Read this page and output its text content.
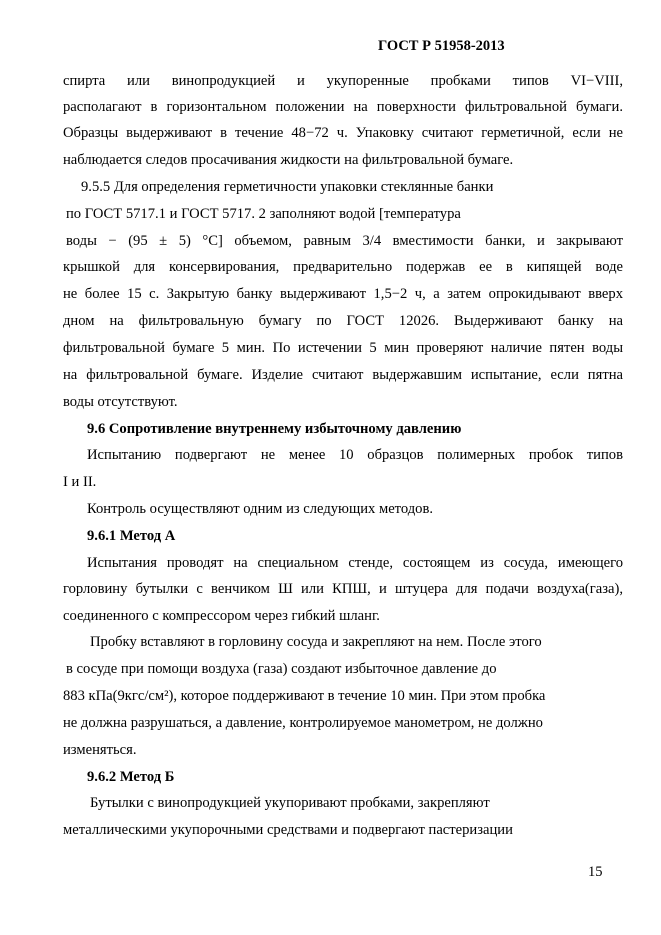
ГОСТ Р 51958-2013
спирта или винопродукцией и укупоренные пробками типов VI−VIII,
располагают в горизонтальном положении на поверхности фильтровальной бумаги.
Образцы выдерживают в течение 48−72 ч. Упаковку считают герметичной, если не
наблюдается следов просачивания жидкости на фильтровальной бумаге.
9.5.5 Для определения герметичности упаковки стеклянные банки
по ГОСТ 5717.1 и ГОСТ 5717. 2 заполняют водой [температура
воды − (95 ± 5) °С] объемом, равным 3/4 вместимости банки, и закрывают
крышкой для консервирования, предварительно подержав ее в кипящей воде
не более 15 с. Закрытую банку выдерживают 1,5−2 ч, а затем опрокидывают вверх
дном на фильтровальную бумагу по ГОСТ 12026. Выдерживают банку на
фильтровальной бумаге 5 мин. По истечении 5 мин проверяют наличие пятен воды
на фильтровальной бумаге. Изделие считают выдержавшим испытание, если пятна
воды отсутствуют.
9.6 Сопротивление внутреннему избыточному давлению
Испытанию подвергают не менее 10 образцов полимерных пробок типов
I и II.
Контроль осуществляют одним из следующих методов.
9.6.1 Метод А
Испытания проводят на специальном стенде, состоящем из сосуда, имеющего
горловину бутылки с венчиком Ш или КПШ, и штуцера для подачи воздуха(газа),
соединенного с компрессором через гибкий шланг.
Пробку вставляют в горловину сосуда и закрепляют на нем. После этого
в сосуде при помощи воздуха (газа) создают избыточное давление до
883 кПа(9кгс/см²), которое поддерживают в течение 10 мин. При этом пробка
не должна разрушаться, а давление, контролируемое манометром, не должно
изменяться.
9.6.2 Метод Б
Бутылки с винопродукцией укупоривают пробками, закрепляют
металлическими укупорочными средствами и подвергают пастеризации
15
